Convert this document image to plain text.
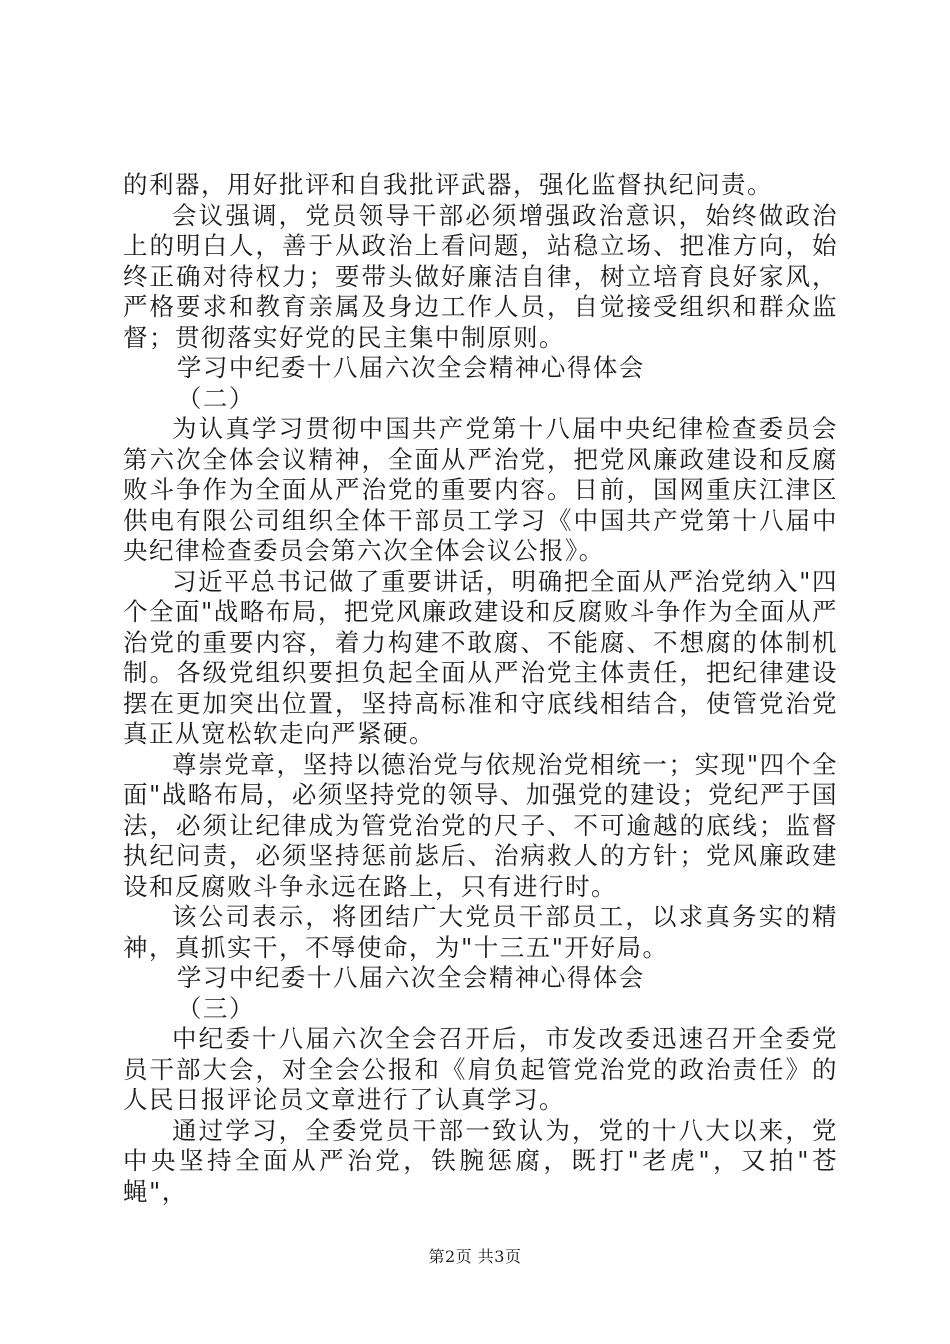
的利器，用好批评和自我批评武器，强化监督执纪问责。

会议强调，党员领导干部必须增强政治意识，始终做政治上的明白人，善于从政治上看问题，站稳立场、把准方向，始终正确对待权力；要带头做好廉洁自律，树立培育良好家风，严格要求和教育亲属及身边工作人员，自觉接受组织和群众监督；贯彻落实好党的民主集中制原则。

学习中纪委十八届六次全会精神心得体会

（二）

为认真学习贯彻中国共产党第十八届中央纪律检查委员会第六次全体会议精神，全面从严治党，把党风廉政建设和反腐败斗争作为全面从严治党的重要内容。日前，国网重庆江津区供电有限公司组织全体干部员工学习《中国共产党第十八届中央纪律检查委员会第六次全体会议公报》。

习近平总书记做了重要讲话，明确把全面从严治党纳入"四个全面"战略布局，把党风廉政建设和反腐败斗争作为全面从严治党的重要内容，着力构建不敢腐、不能腐、不想腐的体制机制。各级党组织要担负起全面从严治党主体责任，把纪律建设摆在更加突出位置，坚持高标准和守底线相结合，使管党治党真正从宽松软走向严紧硬。

尊崇党章，坚持以德治党与依规治党相统一；实现"四个全面"战略布局，必须坚持党的领导、加强党的建设；党纪严于国法，必须让纪律成为管党治党的尺子、不可逾越的底线；监督执纪问责，必须坚持惩前毖后、治病救人的方针；党风廉政建设和反腐败斗争永远在路上，只有进行时。

该公司表示，将团结广大党员干部员工，以求真务实的精神，真抓实干，不辱使命，为"十三五"开好局。

学习中纪委十八届六次全会精神心得体会

（三）

中纪委十八届六次全会召开后，市发改委迅速召开全委党员干部大会，对全会公报和《肩负起管党治党的政治责任》的人民日报评论员文章进行了认真学习。

通过学习，全委党员干部一致认为，党的十八大以来，党中央坚持全面从严治党，铁腕惩腐，既打"老虎"，又拍"苍蝇"，

第2页 共3页
